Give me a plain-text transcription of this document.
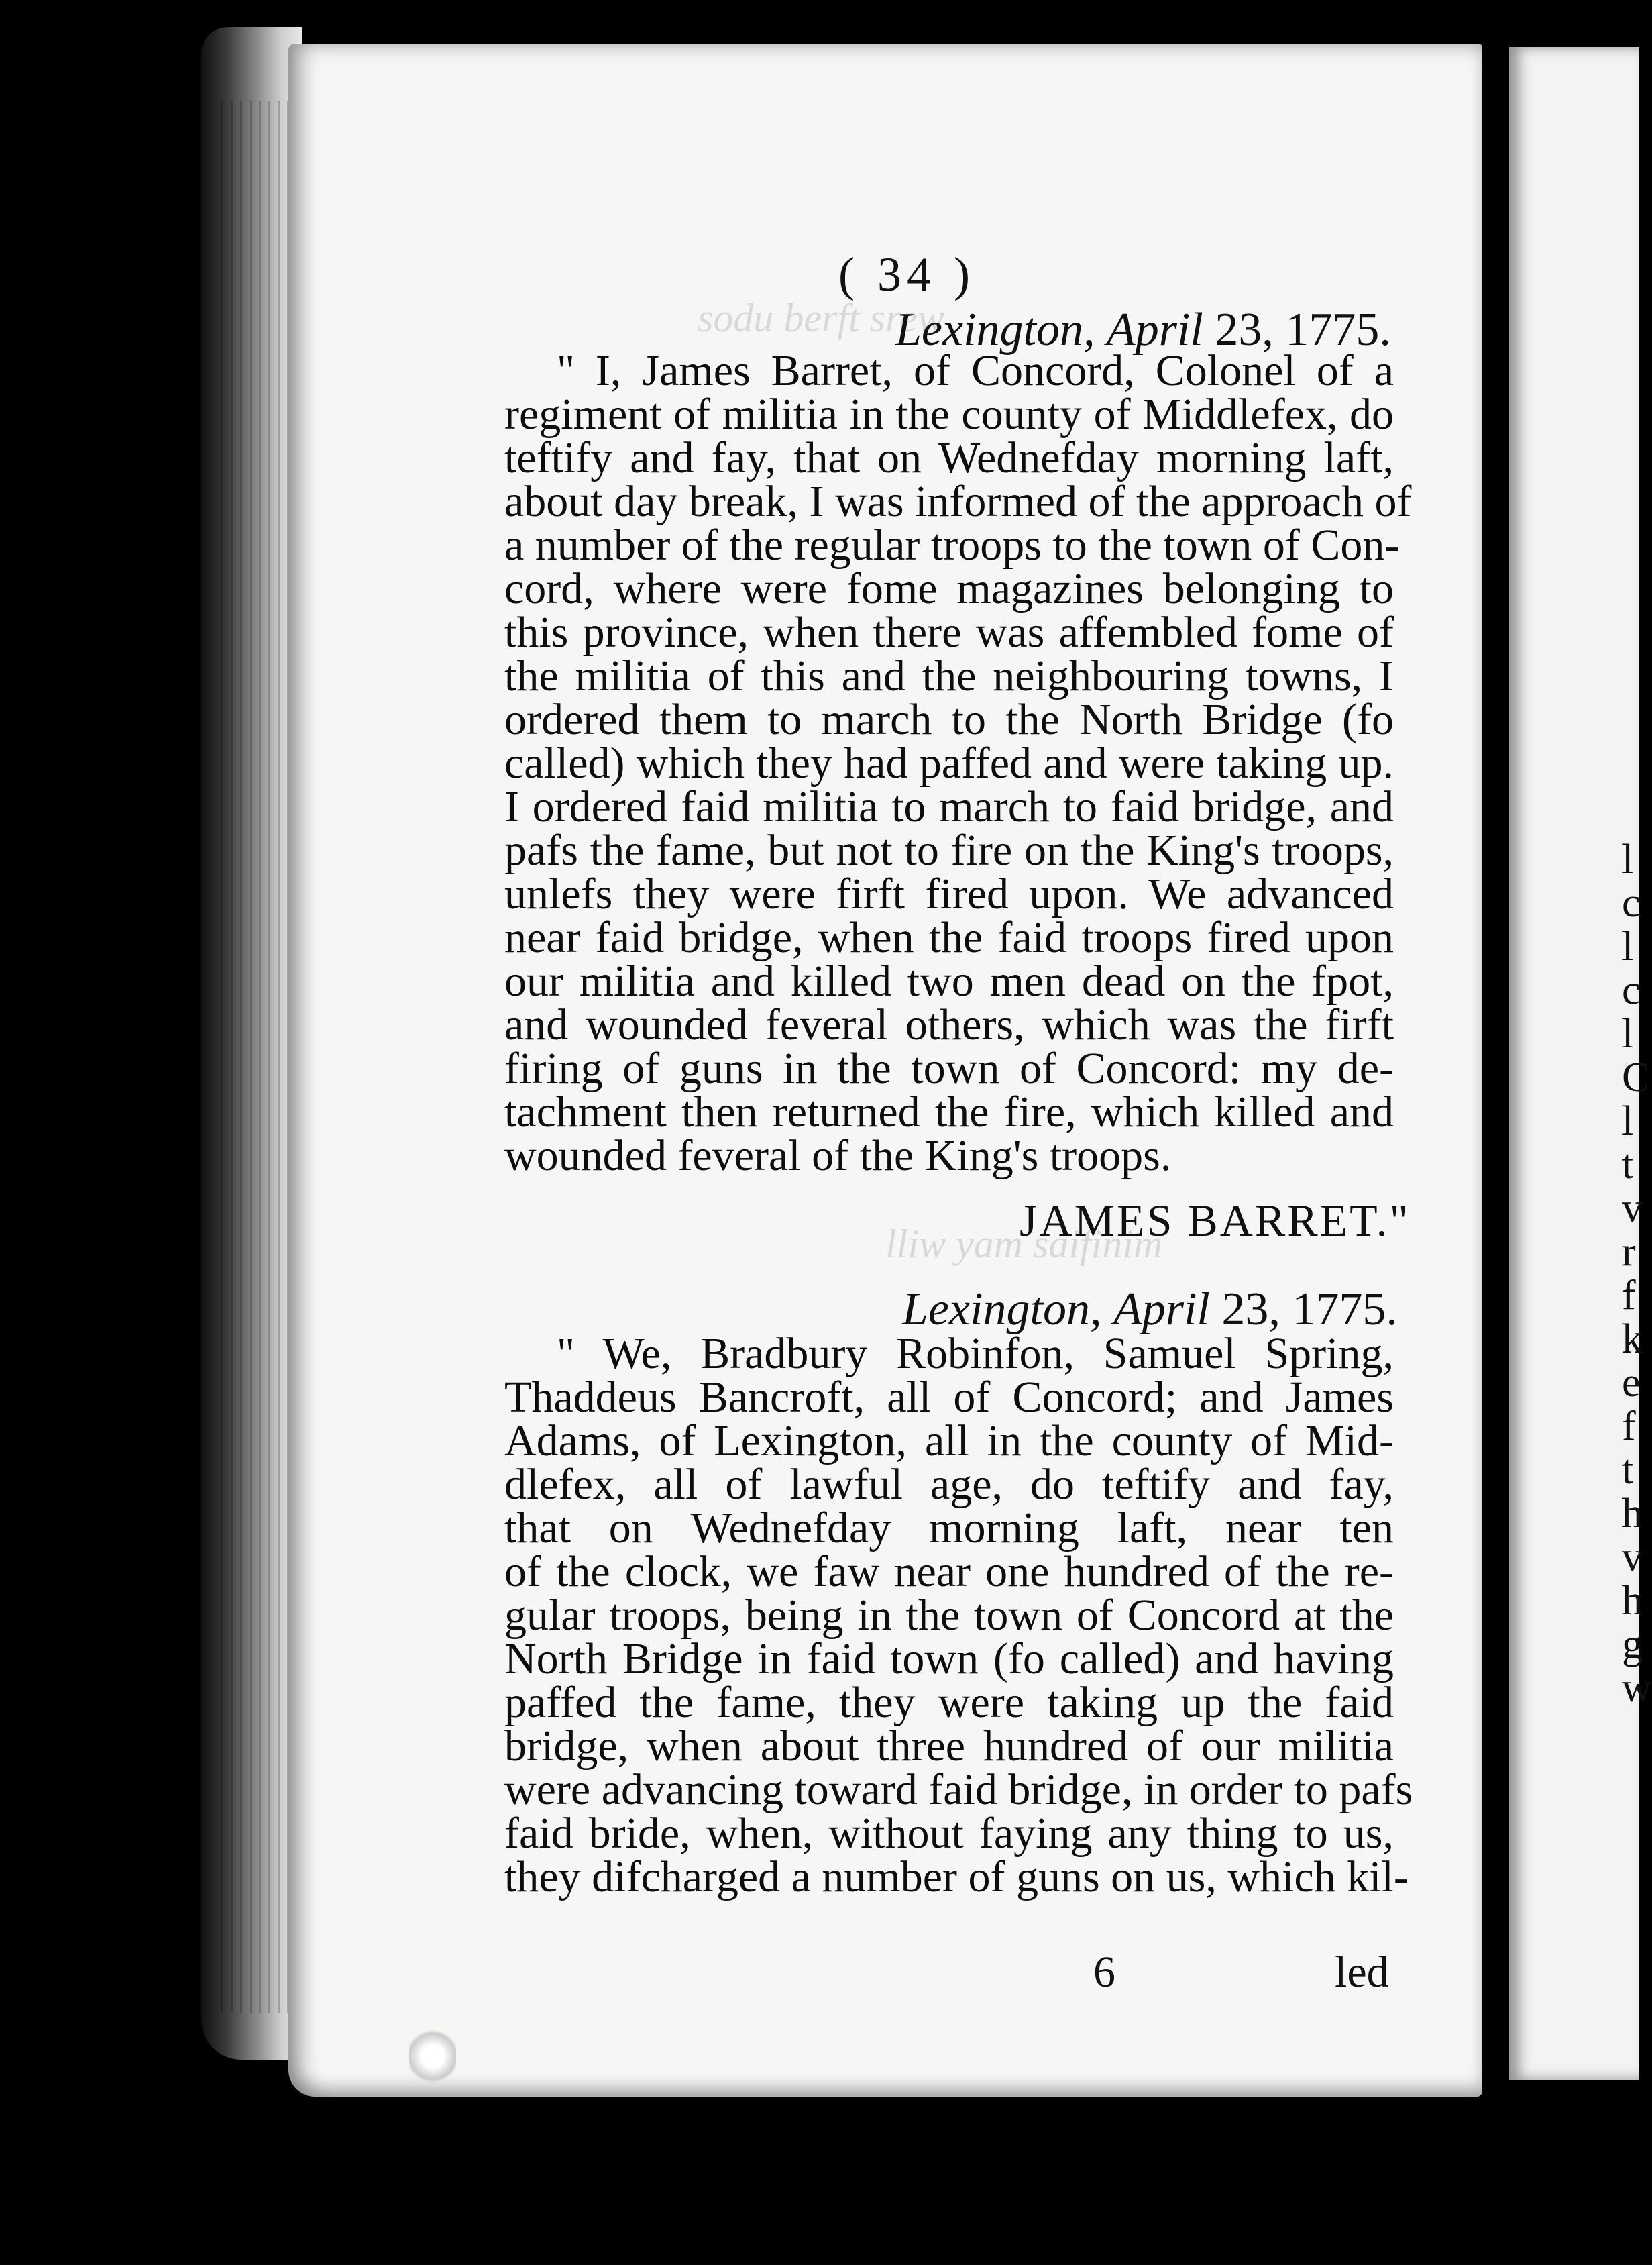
l
c
l
c
l
C
l
t
v
r
f
k
e
f
t
h
v
h
g
w
sodu berft srew
lliw yam saifinim
( 34 )
Lexington, April 23, 1775.
" I, James Barret, of Concord, Colonel of a
regiment of militia in the county of Middlefex, do
teftify and fay, that on Wednefday morning laft,
about day break, I was informed of the approach of
a number of the regular troops to the town of Con-
cord, where were fome magazines belonging to
this province, when there was affembled fome of
the militia of this and the neighbouring towns, I
ordered them to march to the North Bridge (fo
called) which they had paffed and were taking up.
I ordered faid militia to march to faid bridge, and
pafs the fame, but not to fire on the King's troops,
unlefs they were firft fired upon. We advanced
near faid bridge, when the faid troops fired upon
our militia and killed two men dead on the fpot,
and wounded feveral others, which was the firft
firing of guns in the town of Concord: my de-
tachment then returned the fire, which killed and
wounded feveral of the King's troops.
JAMES BARRET."
Lexington, April 23, 1775.
" We, Bradbury Robinfon, Samuel Spring,
Thaddeus Bancroft, all of Concord; and James
Adams, of Lexington, all in the county of Mid-
dlefex, all of lawful age, do teftify and fay,
that on Wednefday morning laft, near ten
of the clock, we faw near one hundred of the re-
gular troops, being in the town of Concord at the
North Bridge in faid town (fo called) and having
paffed the fame, they were taking up the faid
bridge, when about three hundred of our militia
were advancing toward faid bridge, in order to pafs
faid bride, when, without faying any thing to us,
they difcharged a number of guns on us, which kil-
6	led
